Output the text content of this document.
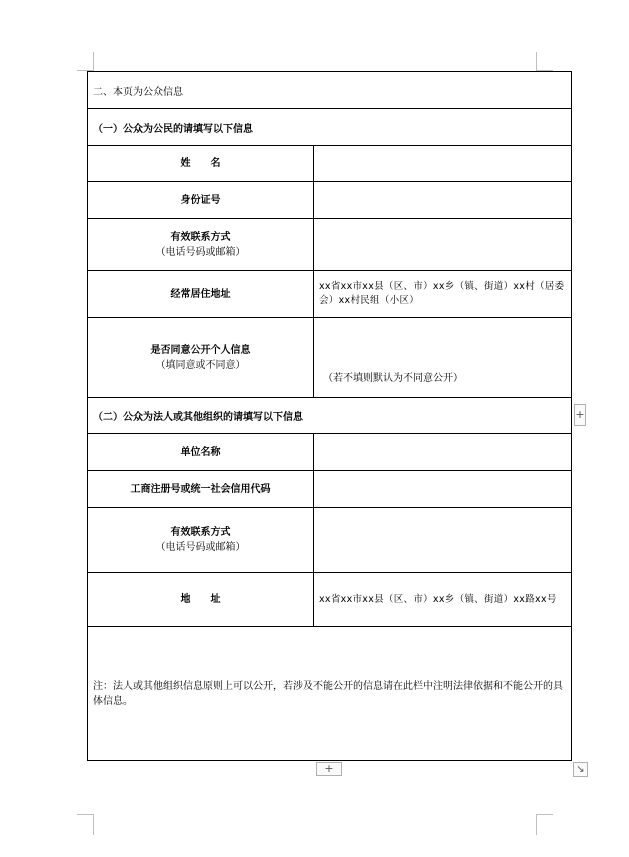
二、本页为公众信息	
（一）公众为公民的请填写以下信息	
姓　　名	
身份证号	
有效联系方式
（电话号码或邮箱）	

经常居住地址	xx省xx市xx县（区、市）xx乡（镇、街道）xx村（居委会）xx村民组（小区）
是否同意公开个人信息
（填同意或不同意）	（若不填则默认为不同意公开）
（二）公众为法人或其他组织的请填写以下信息	
单位名称	
工商注册号或统一社会信用代码	
有效联系方式
（电话号码或邮箱）	

地　　址	xx省xx市xx县（区、市）xx乡（镇、街道）xx路xx号
注：法人或其他组织信息原则上可以公开，若涉及不能公开的信息请在此栏中注明法律依据和不能公开的具体信息。	
+
+	↘
